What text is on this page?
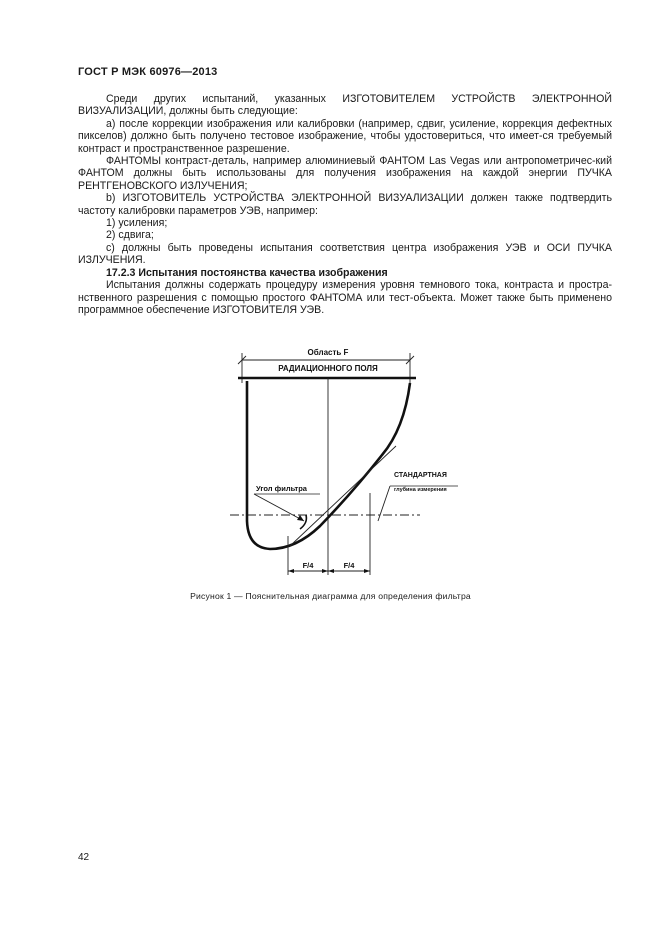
ГОСТ Р МЭК 60976—2013

Среди других испытаний, указанных ИЗГОТОВИТЕЛЕМ УСТРОЙСТВ ЭЛЕКТРОННОЙ ВИЗУАЛИЗАЦИИ, должны быть следующие:

a) после коррекции изображения или калибровки (например, сдвиг, усиление, коррекция дефектных пикселов) должно быть получено тестовое изображение, чтобы удостовериться, что имеет-ся требуемый контраст и пространственное разрешение.

ФАНТОМЫ контраст-деталь, например алюминиевый ФАНТОМ Las Vegas или антропометричес-кий ФАНТОМ должны быть использованы для получения изображения на каждой энергии ПУЧКА РЕНТГЕНОВСКОГО ИЗЛУЧЕНИЯ;

b) ИЗГОТОВИТЕЛЬ УСТРОЙСТВА ЭЛЕКТРОННОЙ ВИЗУАЛИЗАЦИИ должен также подтвердить частоту калибровки параметров УЭВ, например:

1) усиления;

2) сдвига;

c) должны быть проведены испытания соответствия центра изображения УЭВ и ОСИ ПУЧКА ИЗЛУЧЕНИЯ.

17.2.3 Испытания постоянства качества изображения

Испытания должны содержать процедуру измерения уровня темнового тока, контраста и простра-нственного разрешения с помощью простого ФАНТОМА или тест-объекта. Может также быть применено программное обеспечение ИЗГОТОВИТЕЛЯ УЭВ.

Область F
РАДИАЦИОННОГО ПОЛЯ
Угол фильтра
СТАНДАРТНАЯ
глубина измерения
F/4	F/4
Рисунок 1 — Пояснительная диаграмма для определения фильтра
42
